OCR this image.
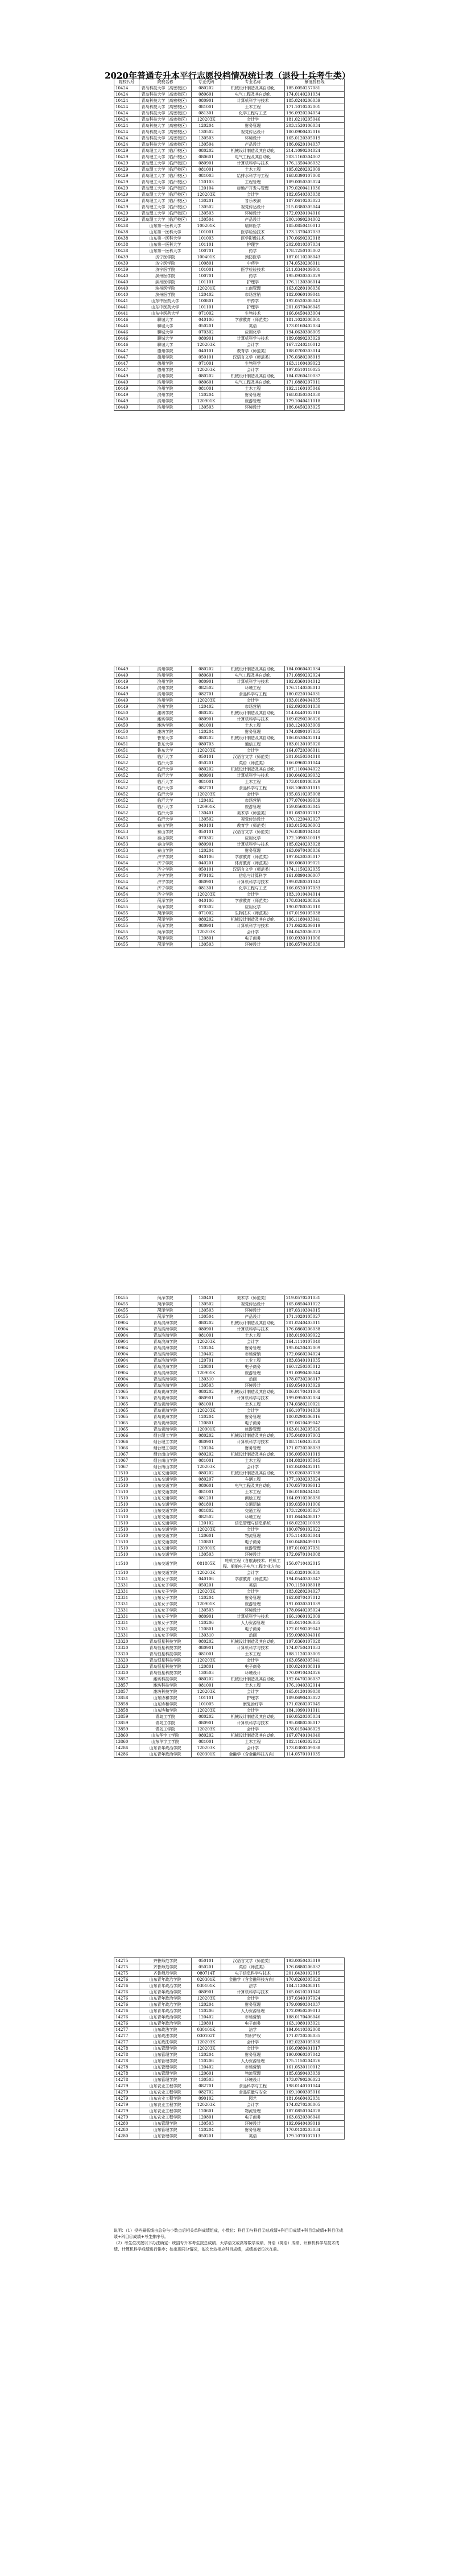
2020年普通专升本平行志愿投档情况统计表（退役士兵考生类）
院校代号	院校名称	专业代码	专业名称	最低投档线
10424	青岛科技大学（高密校区）	080202	机械设计制造及其自动化	185.0050257081
10424	青岛科技大学（高密校区）	080601	电气工程及其自动化	174.0140201034
10424	青岛科技大学（高密校区）	080901	计算机科学与技术	185.0240206039
10424	青岛科技大学（高密校区）	081001	土木工程	171.1010202001
10424	青岛科技大学（高密校区）	081301	化学工程与工艺	196.0920204054
10424	青岛科技大学（高密校区）	120203K	会计学	181.0210205046
10424	青岛科技大学（高密校区）	120204	财务管理	203.1530106034
10424	青岛科技大学（高密校区）	130502	视觉传达设计	180.0900402016
10424	青岛科技大学（高密校区）	130503	环境设计	165.0120305019
10424	青岛科技大学（高密校区）	130504	产品设计	186.0620104037
10429	青岛理工大学（临沂校区）	080202	机械设计制造及其自动化	214.1090204024
10429	青岛理工大学（临沂校区）	080601	电气工程及其自动化	203.1160304002
10429	青岛理工大学（临沂校区）	080901	计算机科学与技术	176.1350406032
10429	青岛理工大学（临沂校区）	081001	土木工程	195.0280202009
10429	青岛理工大学（临沂校区）	081003	给排水科学与工程	168.0390107008
10429	青岛理工大学（临沂校区）	120103	工程管理	189.0050305024
10429	青岛理工大学（临沂校区）	120104	房地产开发与管理	179.0200411036
10429	青岛理工大学（临沂校区）	120203K	会计学	182.0540303038
10429	青岛理工大学（临沂校区）	130201	音乐表演	187.0610203023
10429	青岛理工大学（临沂校区）	130502	视觉传达设计	215.0380305044
10429	青岛理工大学（临沂校区）	130503	环境设计	172.0930104016
10429	青岛理工大学（临沂校区）	130504	产品设计	200.1090204002
10438	山东第一医科大学	100201K	临床医学	185.0850410013
10438	山东第一医科大学	101001	医学检验技术	173.1370407033
10438	山东第一医科大学	101003	医学影像技术	170.0690202018
10438	山东第一医科大学	101101	护理学	202.0810307034
10438	山东第一医科大学	100701	药学	178.1250105002
10439	济宁医学院	100401K	预防医学	187.0110208043
10439	济宁医学院	100801	中药学	174.0530206011
10439	济宁医学院	101001	医学检验技术	211.0340409001
10440	滨州医学院	100701	药学	195.0930303029
10440	滨州医学院	101101	护理学	176.1130306014
10440	滨州医学院	120201K	工商管理	163.0280106036
10440	滨州医学院	120402	市场营销	182.0060109041
10441	山东中医药大学	100801	中药学	192.0520308043
10441	山东中医药大学	101101	护理学	201.0370406045
10441	山东中医药大学	071002	生物技术	166.0450403004
10446	聊城大学	040106	学前教育（师范类）	181.1020308001
10446	聊城大学	050201	英语	173.0160402034
10446	聊城大学	070302	应用化学	194.0630306005
10446	聊城大学	080901	计算机科学与技术	189.0890203029
10446	聊城大学	120203K	会计学	167.1240210012
10447	德州学院	040101	教育学（师范类）	188.0700303014
10447	德州学院	050101	汉语言文学（师范类）	176.0380208019
10447	德州学院	071001	生物科学	163.1100409023
10447	德州学院	120203K	会计学	197.0510110025
10449	滨州学院	080202	机械设计制造及其自动化	184.0260410037
10449	滨州学院	080601	电气工程及其自动化	171.0880207011
10449	滨州学院	081001	土木工程	192.1160105046
10449	滨州学院	120204	财务管理	168.0350304030
10449	滨州学院	120901K	旅游管理	179.1040411018
10449	滨州学院	130503	环境设计	186.0450203025
10449	滨州学院	080202	机械设计制造及其自动化	184.0060402034
10449	滨州学院	080601	电气工程及其自动化	171.0890202024
10449	滨州学院	080901	计算机科学与技术	192.0360104012
10449	滨州学院	082502	环境工程	176.1140308013
10449	滨州学院	082701	食品科学与工程	180.0220104031
10449	滨州学院	120203K	会计学	193.0180404035
10449	滨州学院	120402	市场营销	162.0930301030
10450	潍坊学院	080202	机械设计制造及其自动化	214.0440102018
10450	潍坊学院	080901	计算机科学与技术	169.0290206026
10450	潍坊学院	081001	土木工程	198.1240303009
10450	潍坊学院	120204	财务管理	174.0890107035
10451	鲁东大学	080202	机械设计制造及其自动化	186.0530402014
10451	鲁东大学	080703	通信工程	183.0130105020
10451	鲁东大学	120203K	会计学	164.0720306011
10452	临沂大学	050101	汉语言文学（师范类）	201.0450304010
10452	临沂大学	050201	英语（师范类）	166.0960201044
10452	临沂大学	080202	机械设计制造及其自动化	187.1100404022
10452	临沂大学	080901	计算机科学与技术	190.0460209032
10452	临沂大学	081001	土木工程	173.0180108029
10452	临沂大学	082701	食品科学与工程	168.1060301015
10452	临沂大学	120203K	会计学	195.0310205008
10452	临沂大学	120402	市场营销	177.0700409039
10452	临沂大学	120901K	旅游管理	159.0560303045
10452	临沂大学	130401	美术学（师范类）	181.0820107012
10452	临沂大学	130502	视觉传达设计	170.1220402027
10453	泰山学院	040101	教育学（师范类）	193.0150206003
10453	泰山学院	050101	汉语言文学（师范类）	176.0380104040
10453	泰山学院	070302	应用化学	172.1090310019
10453	泰山学院	080901	计算机科学与技术	185.0240203028
10453	泰山学院	120204	财务管理	163.0670408036
10454	济宁学院	040106	学前教育（师范类）	197.0430305017
10454	济宁学院	040201	体育教育（师范类）	188.0060109021
10454	济宁学院	050101	汉语言文学（师范类）	174.1150202035
10454	济宁学院	070102	信息与计算科学	161.0890406007
10454	济宁学院	080901	计算机科学与技术	199.0280301043
10454	济宁学院	081301	化学工程与工艺	166.0520107033
10454	济宁学院	120203K	会计学	183.1010404014
10455	菏泽学院	040106	学前教育（师范类）	178.0340208026
10455	菏泽学院	070302	应用化学	190.0780302010
10455	菏泽学院	071002	生物技术（师范类）	167.0190105038
10455	菏泽学院	080202	机械设计制造及其自动化	196.1180403041
10455	菏泽学院	080901	计算机科学与技术	171.0620209019
10455	菏泽学院	120203K	会计学	184.0420306023
10455	菏泽学院	120801	电子商务	160.0930101006
10455	菏泽学院	130503	环境设计	186.0570405030
10455	菏泽学院	130401	美术学（师范类）	219.0570201031
10455	菏泽学院	130502	视觉传达设计	165.0850401022
10455	菏泽学院	130503	环境设计	187.0310304015
10455	菏泽学院	130504	产品设计	171.1020105027
10904	青岛滨海学院	080202	机械设计制造及其自动化	201.0240403011
10904	青岛滨海学院	080901	计算机科学与技术	176.0860206038
10904	青岛滨海学院	081001	土木工程	188.0190309022
10904	青岛滨海学院	120203K	会计学	164.1110107040
10904	青岛滨海学院	120204	财务管理	195.0420402009
10904	青岛滨海学院	120402	市场营销	172.0660204024
10904	青岛滨海学院	120701	工业工程	183.0340101035
10904	青岛滨海学院	120801	电子商务	160.1250305012
10904	青岛滨海学院	120901K	旅游管理	191.0090408044
10904	青岛滨海学院	130310	动画	178.0730206017
10904	青岛滨海学院	130503	环境设计	169.0540103029
11065	青岛黄海学院	080202	机械设计制造及其自动化	186.0170401008
11065	青岛黄海学院	080901	计算机科学与技术	199.0950302034
11065	青岛黄海学院	081001	土木工程	174.0380210021
11065	青岛黄海学院	120203K	会计学	166.1070104039
11065	青岛黄海学院	120204	财务管理	180.0290306016
11065	青岛黄海学院	120801	电子商务	192.0610409042
11065	青岛黄海学院	120901K	旅游管理	163.0130205026
11066	烟台理工学院	080202	机械设计制造及其自动化	175.0480107003
11066	烟台理工学院	080901	计算机科学与技术	188.1160403028
11066	烟台理工学院	120204	财务管理	171.0720208033
11067	烟台南山学院	080202	机械设计制造及其自动化	196.0050301019
11067	烟台南山学院	081001	土木工程	184.0830105045
11067	烟台南山学院	120203K	会计学	162.0400402011
11510	山东交通学院	080202	机械设计制造及其自动化	193.0260307038
11510	山东交通学院	080207	车辆工程	177.1030203024
11510	山东交通学院	080601	电气工程及其自动化	170.0570109013
11510	山东交通学院	081001	土木工程	186.0180404041
11510	山东交通学院	081201	测绘工程	164.0910206030
11510	山东交通学院	081801	交通运输	199.0350101006
11510	山东交通学院	081802	交通工程	173.1200305027
11510	山东交通学院	082502	环境工程	181.0640408017
11510	山东交通学院	120102	信息管理与信息系统	168.0220210039
11510	山东交通学院	120203K	会计学	190.0790102022
11510	山东交通学院	120601	物流管理	175.1140303044
11510	山东交通学院	120801	电子商务	160.0480409015
11510	山东交通学院	120901K	旅游管理	187.0100207031
11510	山东交通学院	130503	环境设计	172.0670104008
11510	山东交通学院	081805K	轮机工程（含航海技术、轮机工程、船舶电子电气工程专业方向）	156.0710402015
11510	山东交通学院	120203K	会计学	165.0320106031
12331	山东女子学院	040106	学前教育（师范类）	194.0540303047
12331	山东女子学院	050201	英语	170.1150108018
12331	山东女子学院	120203K	会计学	183.0280204027
12331	山东女子学院	120204	财务管理	162.0870407012
12331	山东女子学院	120901K	旅游管理	191.0030301039
12331	山东女子学院	130503	环境设计	178.0640205024
12331	山东女子学院	080901	计算机科学与技术	166.1060102009
12331	山东女子学院	120206	人力资源管理	185.0410406035
12331	山东女子学院	120801	电子商务	172.0190209043
12331	山东女子学院	130310	动画	159.0980304016
13320	青岛恒星科技学院	080202	机械设计制造及其自动化	197.0360107028
13320	青岛恒星科技学院	080901	计算机科学与技术	174.0750401033
13320	青岛恒星科技学院	081001	土木工程	188.1120203005
13320	青岛恒星科技学院	120203K	会计学	163.0580305041
13320	青岛恒星科技学院	120801	电子商务	180.0240108019
13320	青岛恒星科技学院	130503	环境设计	170.0910404026
13857	潍坊科技学院	080202	机械设计制造及其自动化	192.0470206037
13857	潍坊科技学院	081001	土木工程	176.1040302014
13857	潍坊科技学院	120203K	会计学	165.0130109030
13858	山东协和学院	101101	护理学	189.0690403022
13858	山东协和学院	101005	康复治疗学	171.0260207045
13858	山东协和学院	120203K	会计学	184.1090101011
13859	青岛工学院	080202	机械设计制造及其自动化	160.0520305034
13859	青岛工学院	080901	计算机科学与技术	195.0880208017
13859	青岛工学院	120203K	会计学	178.0150406029
13860	山东华宇工学院	080202	机械设计制造及其自动化	167.0740104040
13860	山东华宇工学院	081001	土木工程	182.1160302023
14286	山东青年政治学院	120203K	会计学	173.0300209038
14286	山东青年政治学院	020301K	金融学（含金融科技方向）	114.0570101035
14275	齐鲁师范学院	050101	汉语言文学（师范类）	193.0050403019
14275	齐鲁师范学院	050201	英语（师范类）	176.0880206032
14275	齐鲁师范学院	080714T	电子信息科学与技术	201.0430102015
14276	山东青年政治学院	020301K	金融学（含金融科技方向）	170.0260305028
14276	山东青年政治学院	030101K	法学	184.1130408011
14276	山东青年政治学院	080901	计算机科学与技术	165.0610201040
14276	山东青年政治学院	120203K	会计学	197.0340107024
14276	山东青年政治学院	120204	财务管理	179.0090304037
14276	山东青年政治学院	120206	人力资源管理	172.0950209013
14276	山东青年政治学院	120402	市场营销	188.0170406046
14276	山东青年政治学院	120801	电子商务	163.1080103021
14277	山东政法学院	030101K	法学	194.0410302008
14277	山东政法学院	030102T	知识产权	171.0720208035
14277	山东政法学院	120203K	会计学	182.0230105030
14278	山东管理学院	120203K	会计学	166.0980401017
14278	山东管理学院	120204	财务管理	190.0060307042
14278	山东管理学院	120206	人力资源管理	175.1150204026
14278	山东管理学院	120402	市场营销	161.0530110012
14278	山东管理学院	120601	物流管理	185.0390403039
14278	山东管理学院	130503	环境设计	173.0790206023
14279	山东农业工程学院	082701	食品科学与工程	198.0140101044
14279	山东农业工程学院	082702	食品质量与安全	169.1000305016
14279	山东农业工程学院	090102	园艺	181.0460402031
14279	山东农业工程学院	120203K	会计学	174.0270208005
14279	山东农业工程学院	120601	物流管理	187.0850104028
14279	山东农业工程学院	120801	电子商务	163.0320306040
14280	山东管理学院	130503	环境设计	192.0640409019
14280	山东管理学院	120204	财务管理	170.0120203034
14280	山东管理学院	050201	英语	179.1070107013
说明：（1）投档最低线由总分与小数点后相关单科成绩组成，小数位：科目①与科目②总成绩+科目①成绩+科目②成绩+科目③成绩+科目④成绩+考生排序号。
（2）考生位次按以下办法确定：统招专升本考生按总成绩、大学语文或高等数学成绩、外语（英语）成绩、计算机科学与技术成绩、计算机科学成绩进行排序；如出现同分情况，依次比较相应科目成绩，成绩高者位次在前。
